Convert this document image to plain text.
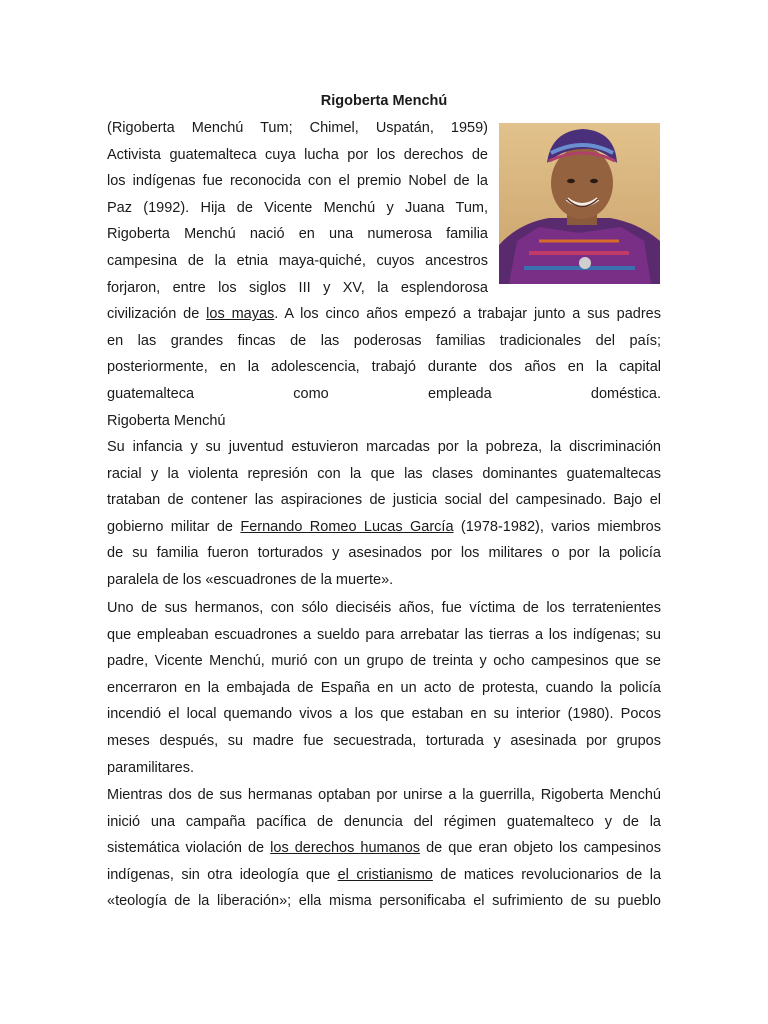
Rigoberta Menchú
(Rigoberta Menchú Tum; Chimel, Uspatán, 1959)
Activista guatemalteca cuya lucha por los derechos de
los indígenas fue reconocida con el premio Nobel de la
Paz (1992). Hija de Vicente Menchú y Juana Tum,
Rigoberta Menchú nació en una numerosa familia
campesina de la etnia maya-quiché, cuyos ancestros
forjaron, entre los siglos III y XV, la esplendorosa
civilización de los mayas. A los cinco años empezó a trabajar junto a sus padres
en las grandes fincas de las poderosas familias tradicionales del país;
posteriormente, en la adolescencia, trabajó durante dos años en la capital
guatemalteca como empleada doméstica.
Rigoberta Menchú
Su infancia y su juventud estuvieron marcadas por la pobreza, la discriminación
racial y la violenta represión con la que las clases dominantes guatemaltecas
trataban de contener las aspiraciones de justicia social del campesinado. Bajo el
gobierno militar de Fernando Romeo Lucas García (1978-1982), varios miembros
de su familia fueron torturados y asesinados por los militares o por la policía
paralela de los «escuadrones de la muerte».
Uno de sus hermanos, con sólo dieciséis años, fue víctima de los terratenientes
que empleaban escuadrones a sueldo para arrebatar las tierras a los indígenas; su
padre, Vicente Menchú, murió con un grupo de treinta y ocho campesinos que se
encerraron en la embajada de España en un acto de protesta, cuando la policía
incendió el local quemando vivos a los que estaban en su interior (1980). Pocos
meses después, su madre fue secuestrada, torturada y asesinada por grupos
paramilitares.
Mientras dos de sus hermanas optaban por unirse a la guerrilla, Rigoberta Menchú
inició una campaña pacífica de denuncia del régimen guatemalteco y de la
sistemática violación de los derechos humanos de que eran objeto los campesinos
indígenas, sin otra ideología que el cristianismo de matices revolucionarios de la
«teología de la liberación»; ella misma personificaba el sufrimiento de su pueblo
